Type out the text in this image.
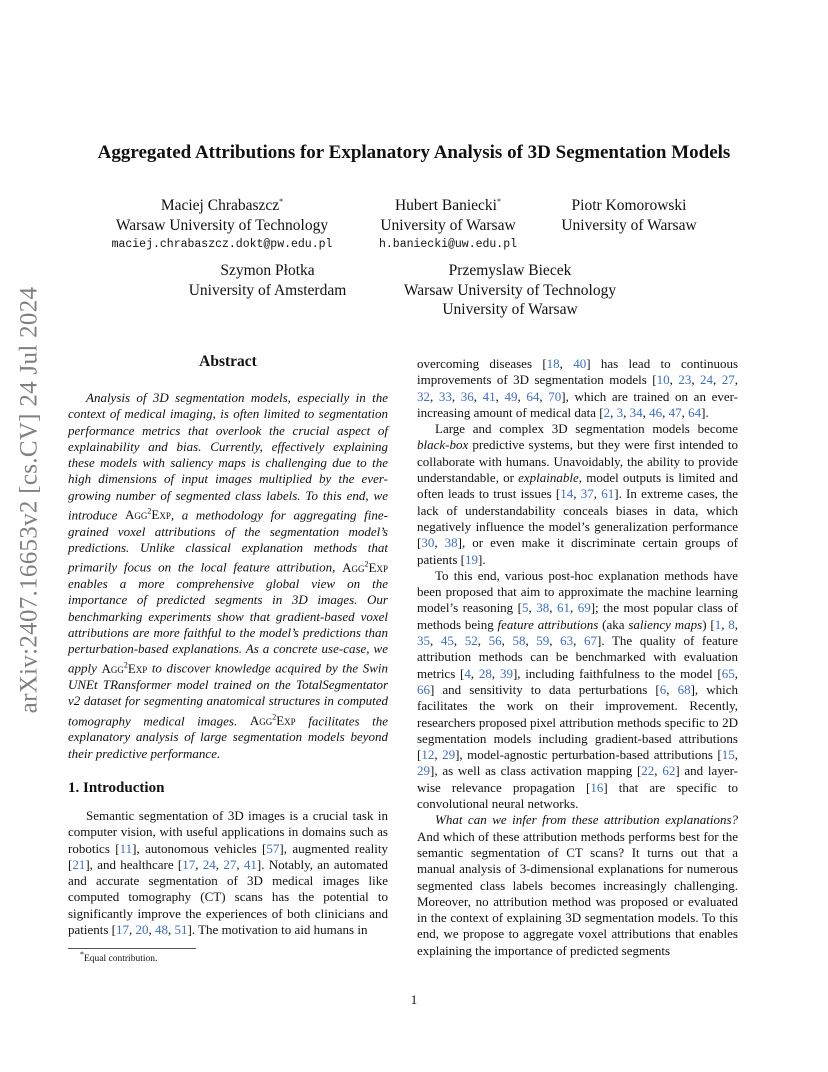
arXiv:2407.16653v2 [cs.CV] 24 Jul 2024
Aggregated Attributions for Explanatory Analysis of 3D Segmentation Models
Maciej Chrabaszcz*
Warsaw University of Technology
maciej.chrabaszcz.dokt@pw.edu.pl
Hubert Baniecki*
University of Warsaw
h.baniecki@uw.edu.pl
Piotr Komorowski
University of Warsaw
Szymon Płotka
University of Amsterdam
Przemyslaw Biecek
Warsaw University of Technology
University of Warsaw
Abstract

Analysis of 3D segmentation models, especially in the context of medical imaging, is often limited to segmentation performance metrics that overlook the crucial aspect of explainability and bias. Currently, effectively explaining these models with saliency maps is challenging due to the high dimensions of input images multiplied by the ever-growing number of segmented class labels. To this end, we introduce Agg$^2$Exp, a methodology for aggregating fine-grained voxel attributions of the segmentation model’s predictions. Unlike classical explanation methods that primarily focus on the local feature attribution, Agg$^2$Exp enables a more comprehensive global view on the importance of predicted segments in 3D images. Our benchmarking experiments show that gradient-based voxel attributions are more faithful to the model’s predictions than perturbation-based explanations. As a concrete use-case, we apply Agg$^2$Exp to discover knowledge acquired by the Swin UNEt TRansformer model trained on the TotalSegmentator v2 dataset for segmenting anatomical structures in computed tomography medical images. Agg$^2$Exp facilitates the explanatory analysis of large segmentation models beyond their predictive performance.

1. Introduction

Semantic segmentation of 3D images is a crucial task in computer vision, with useful applications in domains such as robotics [11], autonomous vehicles [57], augmented reality [21], and healthcare [17, 24, 27, 41]. Notably, an automated and accurate segmentation of 3D medical images like computed tomography (CT) scans has the potential to significantly improve the experiences of both clinicians and patients [17, 20, 48, 51]. The motivation to aid humans in

overcoming diseases [18, 40] has lead to continuous improvements of 3D segmentation models [10, 23, 24, 27, 32, 33, 36, 41, 49, 64, 70], which are trained on an ever-increasing amount of medical data [2, 3, 34, 46, 47, 64].

Large and complex 3D segmentation models become black-box predictive systems, but they were first intended to collaborate with humans. Unavoidably, the ability to provide understandable, or explainable, model outputs is limited and often leads to trust issues [14, 37, 61]. In extreme cases, the lack of understandability conceals biases in data, which negatively influence the model’s generalization performance [30, 38], or even make it discriminate certain groups of patients [19].

To this end, various post-hoc explanation methods have been proposed that aim to approximate the machine learning model’s reasoning [5, 38, 61, 69]; the most popular class of methods being feature attributions (aka saliency maps) [1, 8, 35, 45, 52, 56, 58, 59, 63, 67]. The quality of feature attribution methods can be benchmarked with evaluation metrics [4, 28, 39], including faithfulness to the model [65, 66] and sensitivity to data perturbations [6, 68], which facilitates the work on their improvement. Recently, researchers proposed pixel attribution methods specific to 2D segmentation models including gradient-based attributions [12, 29], model-agnostic perturbation-based attributions [15, 29], as well as class activation mapping [22, 62] and layer-wise relevance propagation [16] that are specific to convolutional neural networks.

What can we infer from these attribution explanations? And which of these attribution methods performs best for the semantic segmentation of CT scans? It turns out that a manual analysis of 3-dimensional explanations for numerous segmented class labels becomes increasingly challenging. Moreover, no attribution method was proposed or evaluated in the context of explaining 3D segmentation models. To this end, we propose to aggregate voxel attributions that enables explaining the importance of predicted segments

*Equal contribution.
1
